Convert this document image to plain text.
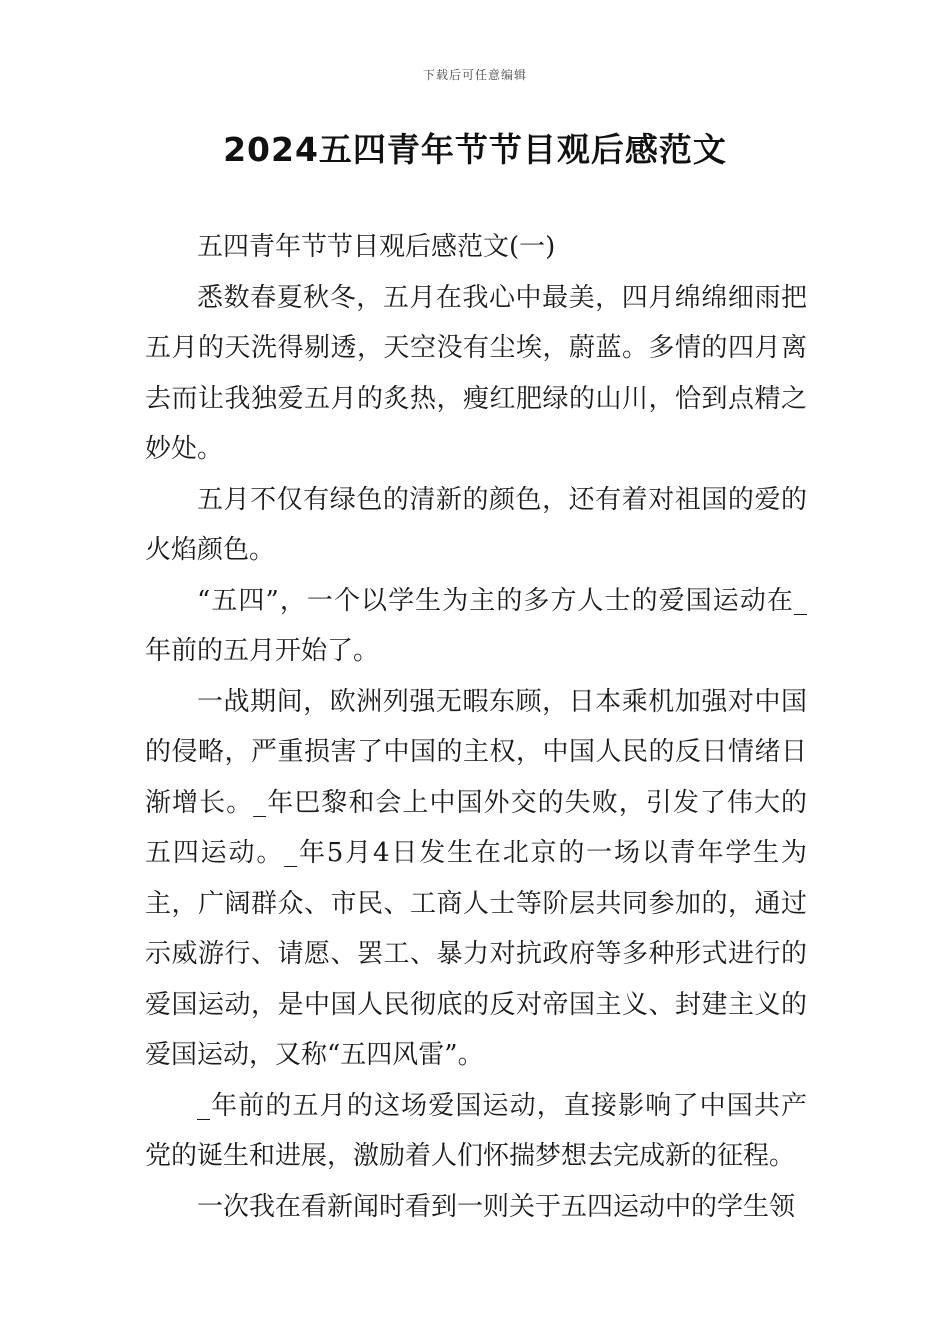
下载后可任意编辑
2024五四青年节节目观后感范文

五四青年节节目观后感范文(一)

悉数春夏秋冬，五月在我心中最美，四月绵绵细雨把五月的天洗得剔透，天空没有尘埃，蔚蓝。多情的四月离去而让我独爱五月的炙热，瘦红肥绿的山川，恰到点精之妙处。

五月不仅有绿色的清新的颜色，还有着对祖国的爱的火焰颜色。

“五四”，一个以学生为主的多方人士的爱国运动在_年前的五月开始了。

一战期间，欧洲列强无暇东顾，日本乘机加强对中国的侵略，严重损害了中国的主权，中国人民的反日情绪日渐增长。_年巴黎和会上中国外交的失败，引发了伟大的五四运动。_年5月4日发生在北京的一场以青年学生为主，广阔群众、市民、工商人士等阶层共同参加的，通过示威游行、请愿、罢工、暴力对抗政府等多种形式进行的爱国运动，是中国人民彻底的反对帝国主义、封建主义的爱国运动，又称“五四风雷”。

_年前的五月的这场爱国运动，直接影响了中国共产党的诞生和进展，激励着人们怀揣梦想去完成新的征程。

一次我在看新闻时看到一则关于五四运动中的学生领
